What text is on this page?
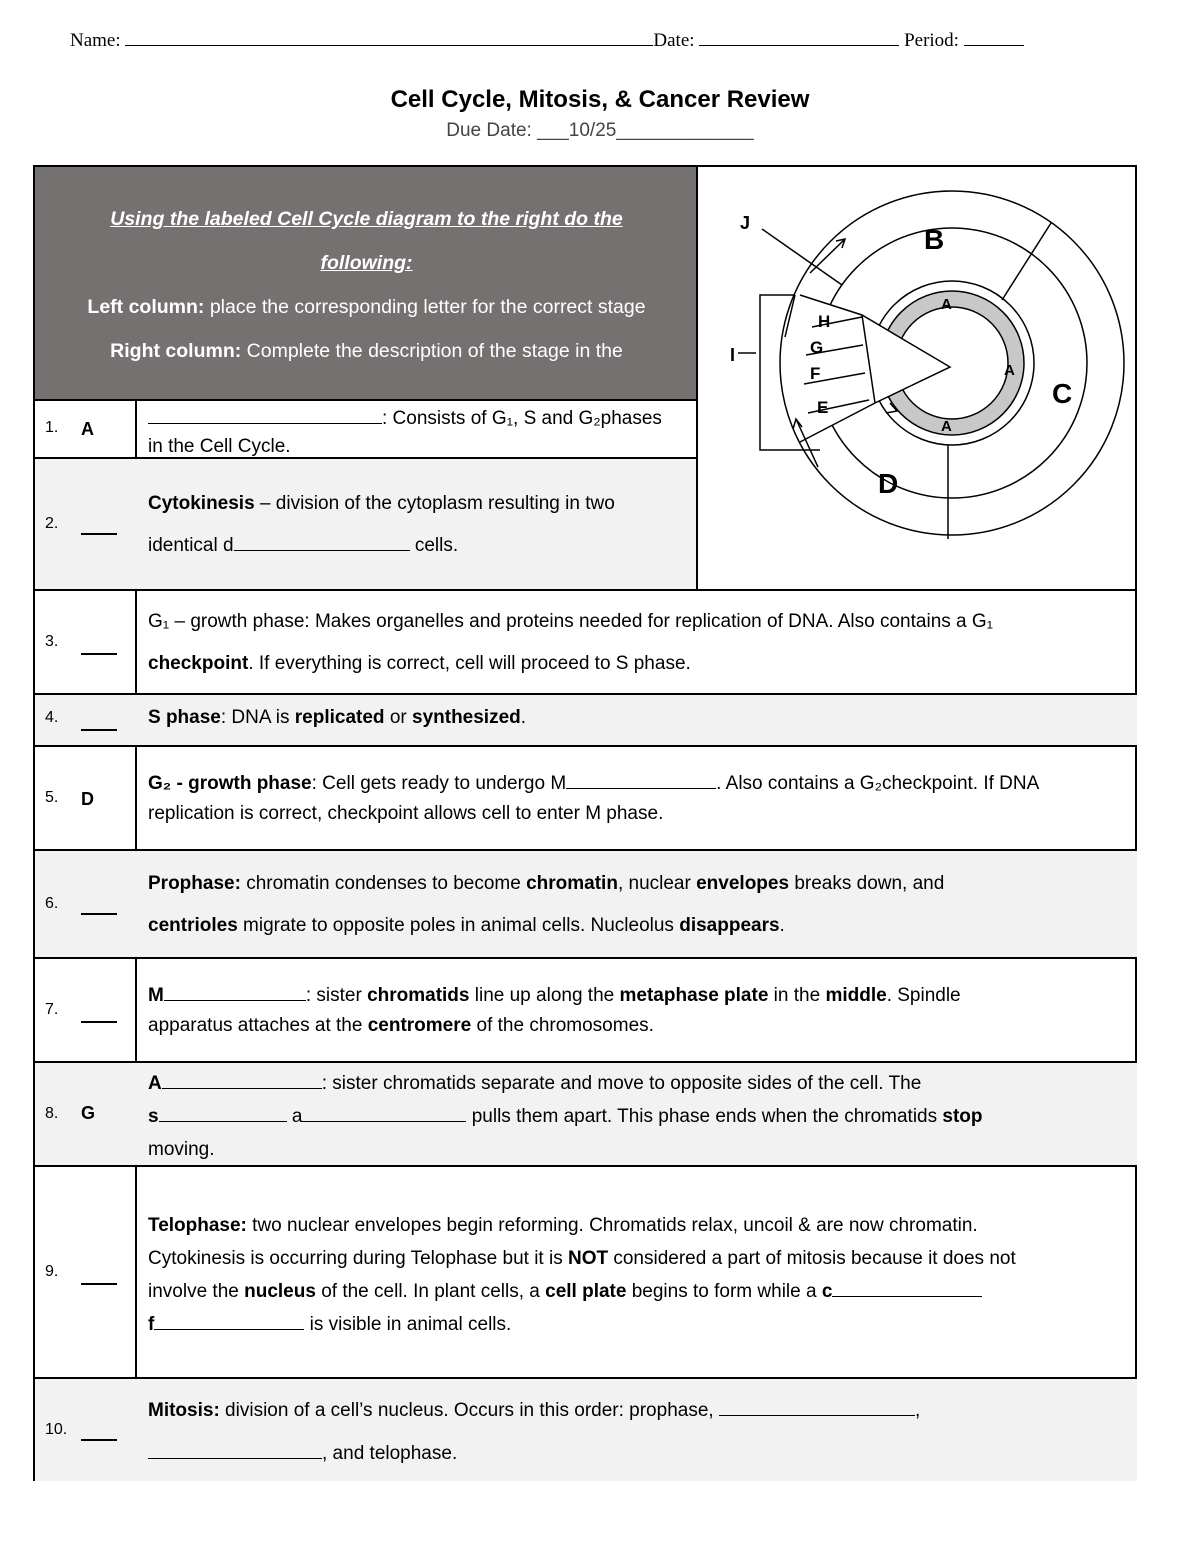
Name:	Date:	Period:
Cell Cycle, Mitosis, & Cancer Review
Due Date: ___10/25_____________
Using the labeled Cell Cycle diagram to the right do the
following:
Left column: place the corresponding letter for the correct stage
Right column: Complete the description of the stage in the
J
B
I
H
G
F
E
A
A
A
C
D
1. A	: Consists of G₁, S and G₂phases
in the Cell Cycle.
2.
Cytokinesis – division of the cytoplasm resulting in two
identical d	cells.
3.
G₁ – growth phase: Makes organelles and proteins needed for replication of DNA. Also contains a G₁
checkpoint. If everything is correct, cell will proceed to S phase.
4.	S phase: DNA is replicated or synthesized.
5. D
G₂ - growth phase: Cell gets ready to undergo M	. Also contains a G₂checkpoint. If DNA
replication is correct, checkpoint allows cell to enter M phase.
6.
Prophase: chromatin condenses to become chromatin, nuclear envelopes breaks down, and
centrioles migrate to opposite poles in animal cells. Nucleolus disappears.
7.
M	: sister chromatids line up along the metaphase plate in the middle. Spindle
apparatus attaches at the centromere of the chromosomes.
8. G
A	: sister chromatids separate and move to opposite sides of the cell. The
s	a	pulls them apart. This phase ends when the chromatids stop
moving.
9.
Telophase: two nuclear envelopes begin reforming. Chromatids relax, uncoil & are now chromatin.
Cytokinesis is occurring during Telophase but it is NOT considered a part of mitosis because it does not
involve the nucleus of the cell. In plant cells, a cell plate begins to form while a c
f	is visible in animal cells.
10.
Mitosis: division of a cell’s nucleus. Occurs in this order: prophase,	,
, and telophase.
